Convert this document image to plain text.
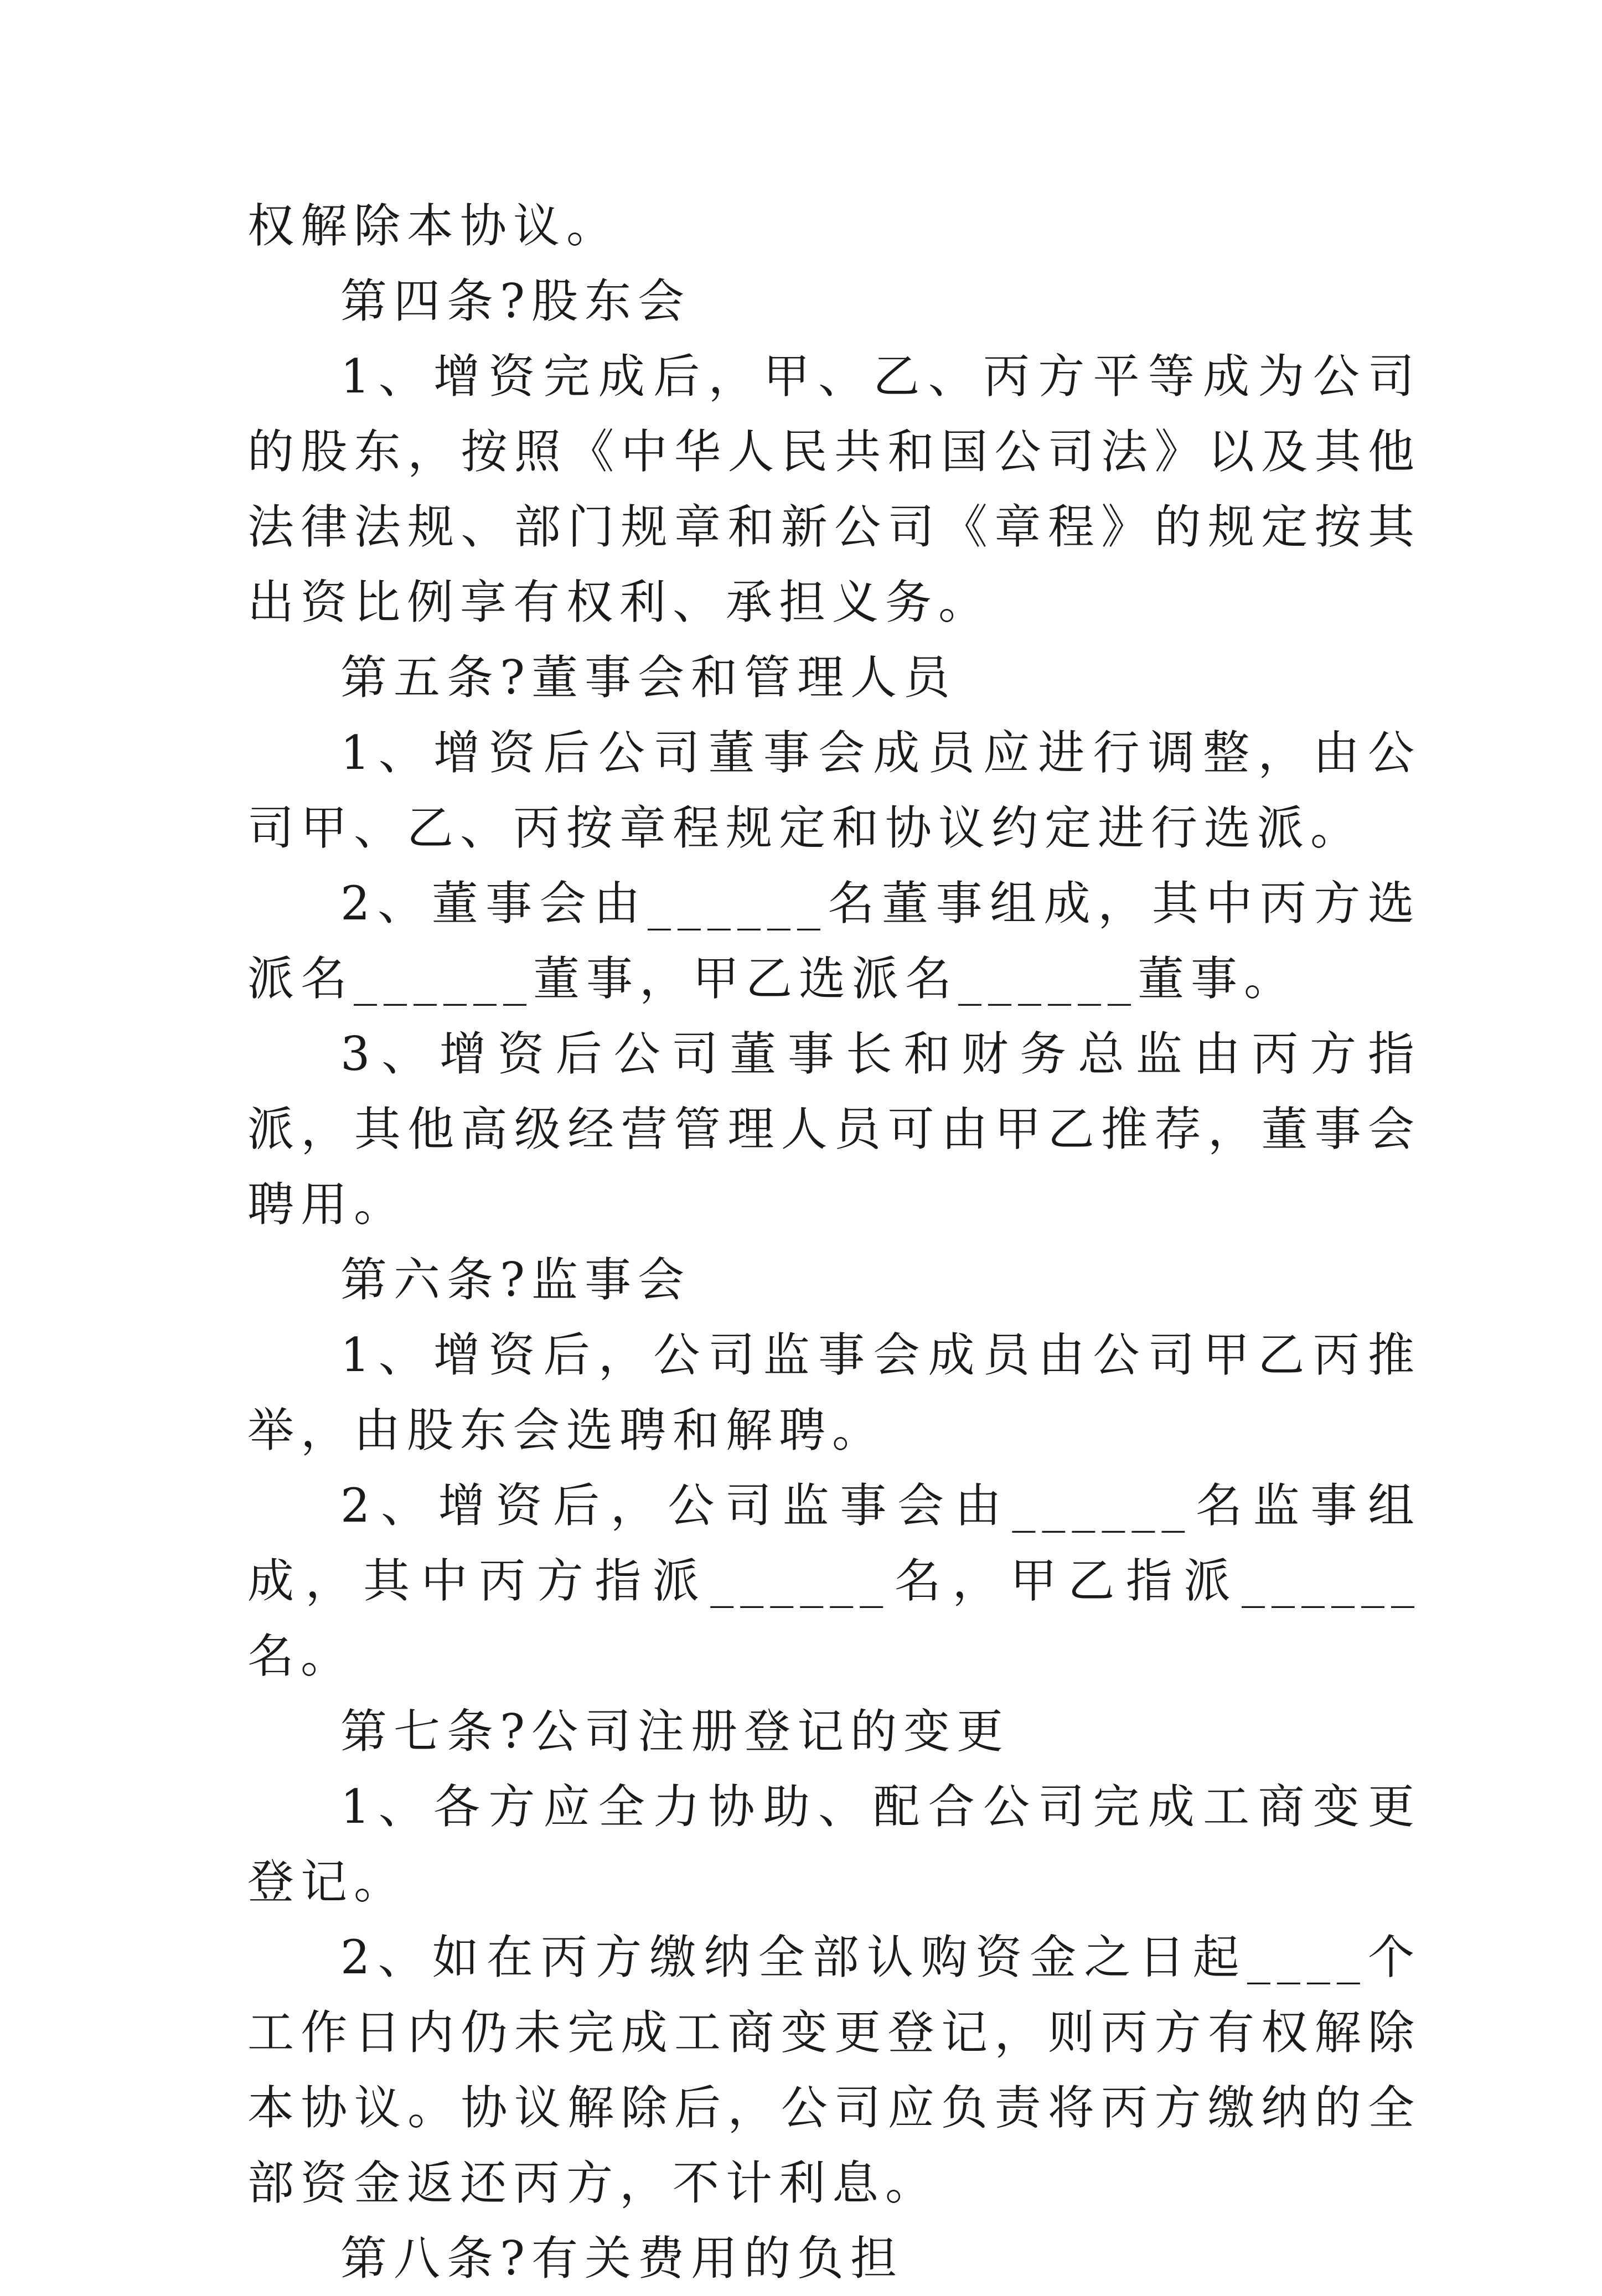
权解除本协议。

第四条?股东会

1、增资完成后，甲、乙、丙方平等成为公司的股东，按照《中华人民共和国公司法》以及其他法律法规、部门规章和新公司《章程》的规定按其出资比例享有权利、承担义务。

第五条?董事会和管理人员

1、增资后公司董事会成员应进行调整，由公司甲、乙、丙按章程规定和协议约定进行选派。

2、董事会由______名董事组成，其中丙方选派名______董事，甲乙选派名______董事。

3、增资后公司董事长和财务总监由丙方指派，其他高级经营管理人员可由甲乙推荐，董事会聘用。

第六条?监事会

1、增资后，公司监事会成员由公司甲乙丙推举，由股东会选聘和解聘。

2、增资后，公司监事会由______名监事组成，其中丙方指派______名，甲乙指派______名。

第七条?公司注册登记的变更

1、各方应全力协助、配合公司完成工商变更登记。

2、如在丙方缴纳全部认购资金之日起____个工作日内仍未完成工商变更登记，则丙方有权解除本协议。协议解除后，公司应负责将丙方缴纳的全部资金返还丙方，不计利息。

第八条?有关费用的负担
